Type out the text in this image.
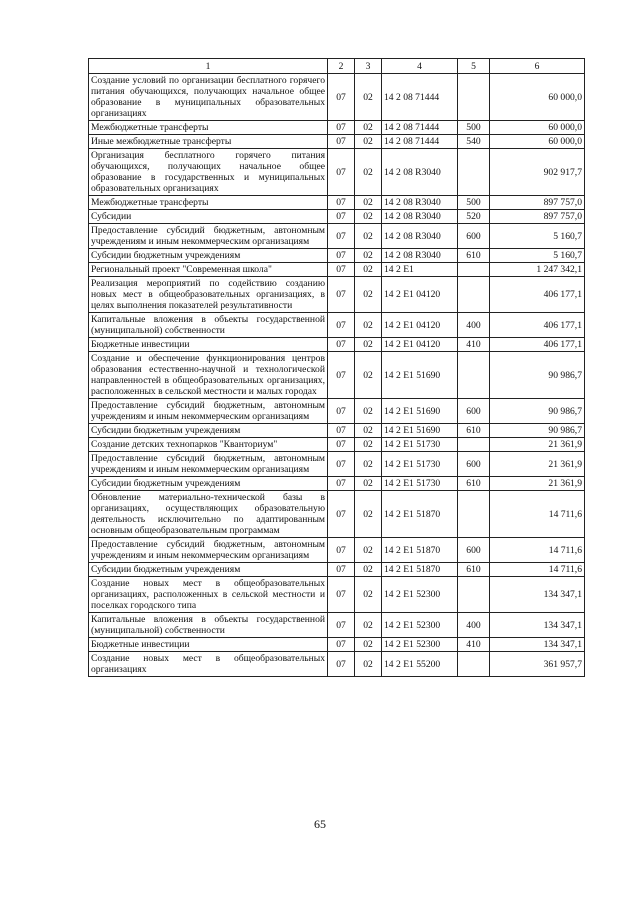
1	2	3	4	5	6
Создание условий по организации бесплатного горячего питания обучающихся, получающих начальное общее образование в муниципальных образовательных организациях	07	02	14 2 08 71444		60 000,0
Межбюджетные трансферты	07	02	14 2 08 71444	500	60 000,0
Иные межбюджетные трансферты	07	02	14 2 08 71444	540	60 000,0
Организация бесплатного горячего питания обучающихся, получающих начальное общее образование в государственных и муниципальных образовательных организациях	07	02	14 2 08 R3040		902 917,7
Межбюджетные трансферты	07	02	14 2 08 R3040	500	897 757,0
Субсидии	07	02	14 2 08 R3040	520	897 757,0
Предоставление субсидий бюджетным, автономным учреждениям и иным некоммерческим организациям	07	02	14 2 08 R3040	600	5 160,7
Субсидии бюджетным учреждениям	07	02	14 2 08 R3040	610	5 160,7
Региональный проект "Современная школа"	07	02	14 2 E1		1 247 342,1
Реализация мероприятий по содействию созданию новых мест в общеобразовательных организациях, в целях выполнения показателей результативности	07	02	14 2 E1 04120		406 177,1
Капитальные вложения в объекты государственной (муниципальной) собственности	07	02	14 2 E1 04120	400	406 177,1
Бюджетные инвестиции	07	02	14 2 E1 04120	410	406 177,1
Создание и обеспечение функционирования центров образования естественно-научной и технологической направленностей в общеобразовательных организациях, расположенных в сельской местности и малых городах	07	02	14 2 E1 51690		90 986,7
Предоставление субсидий бюджетным, автономным учреждениям и иным некоммерческим организациям	07	02	14 2 E1 51690	600	90 986,7
Субсидии бюджетным учреждениям	07	02	14 2 E1 51690	610	90 986,7
Создание детских технопарков "Кванториум"	07	02	14 2 E1 51730		21 361,9
Предоставление субсидий бюджетным, автономным учреждениям и иным некоммерческим организациям	07	02	14 2 E1 51730	600	21 361,9
Субсидии бюджетным учреждениям	07	02	14 2 E1 51730	610	21 361,9
Обновление материально-технической базы в организациях, осуществляющих образовательную деятельность исключительно по адаптированным основным общеобразовательным программам	07	02	14 2 E1 51870		14 711,6
Предоставление субсидий бюджетным, автономным учреждениям и иным некоммерческим организациям	07	02	14 2 E1 51870	600	14 711,6
Субсидии бюджетным учреждениям	07	02	14 2 E1 51870	610	14 711,6
Создание новых мест в общеобразовательных организациях, расположенных в сельской местности и поселках городского типа	07	02	14 2 E1 52300		134 347,1
Капитальные вложения в объекты государственной (муниципальной) собственности	07	02	14 2 E1 52300	400	134 347,1
Бюджетные инвестиции	07	02	14 2 E1 52300	410	134 347,1
Создание новых мест в общеобразовательных организациях	07	02	14 2 E1 55200		361 957,7
65
